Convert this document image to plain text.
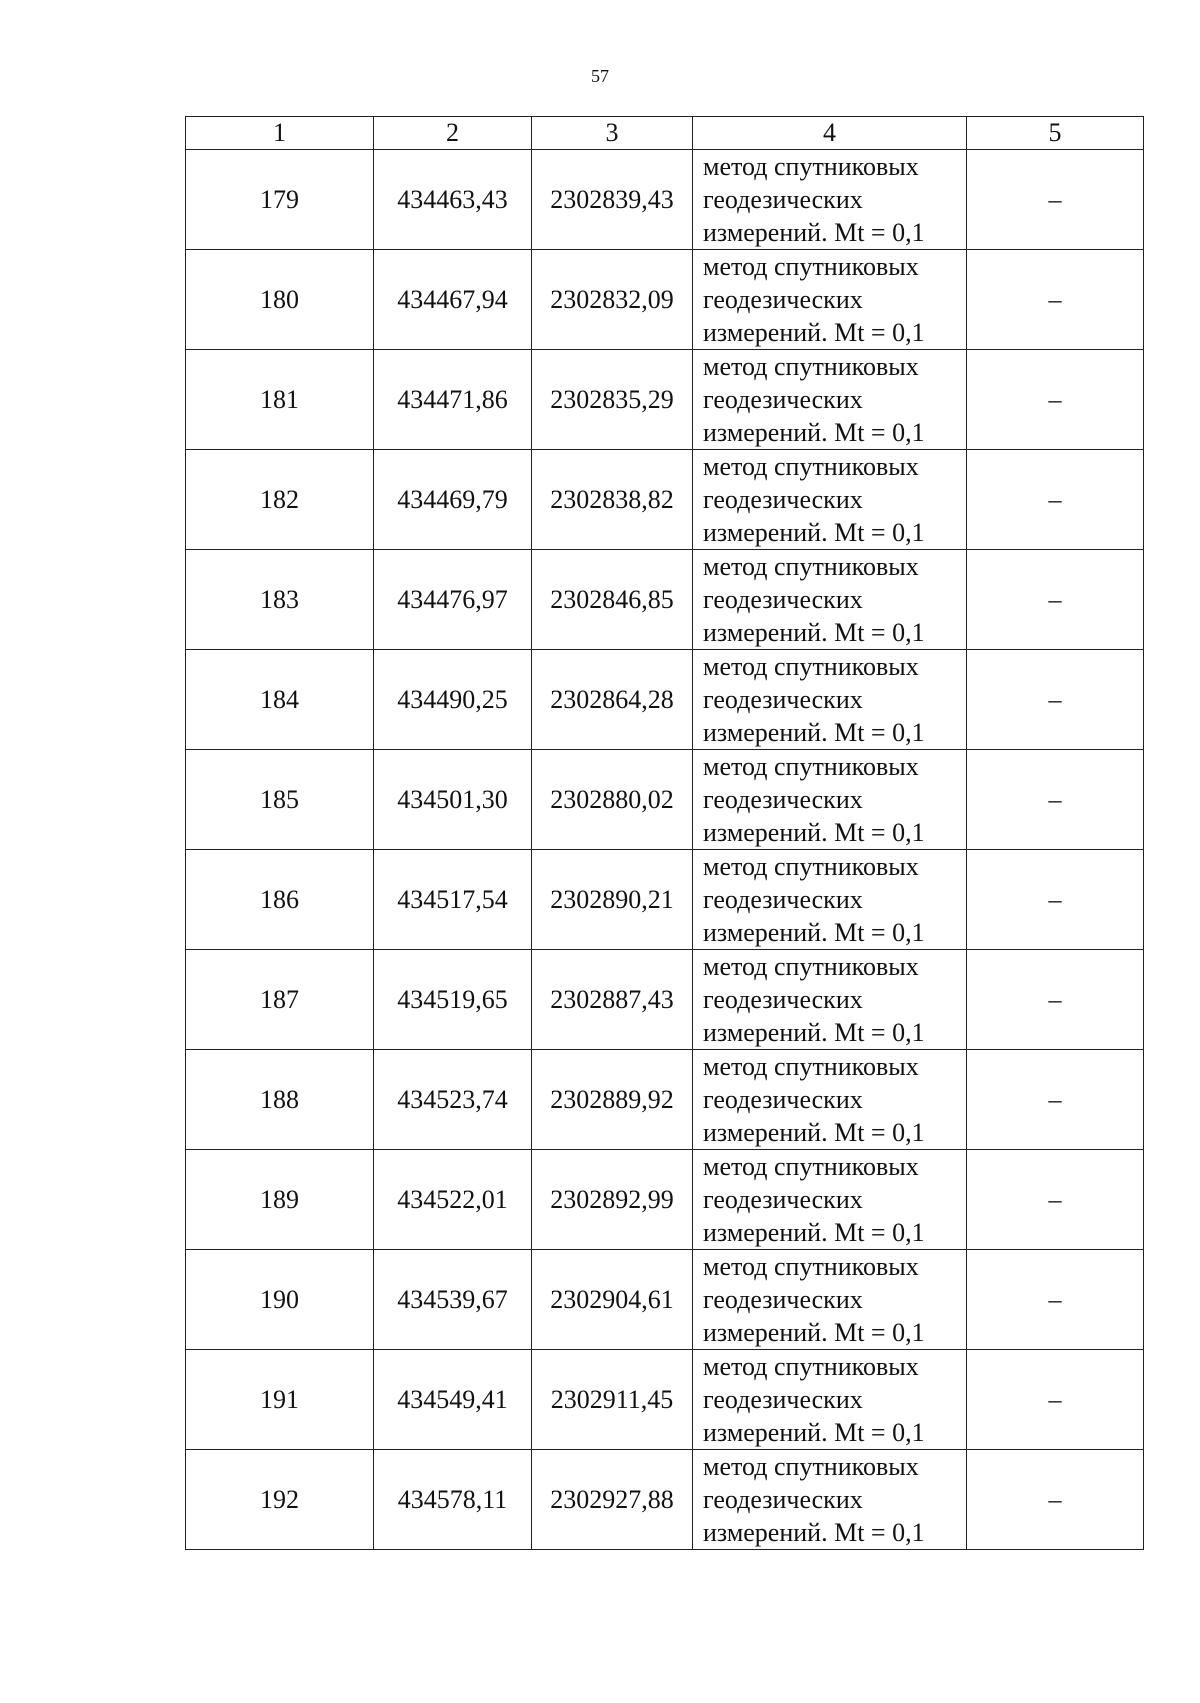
57
1	2	3	4	5
179	434463,43	2302839,43	метод спутниковых
геодезических
измерений. Mt = 0,1	–
180	434467,94	2302832,09	метод спутниковых
геодезических
измерений. Mt = 0,1	–
181	434471,86	2302835,29	метод спутниковых
геодезических
измерений. Mt = 0,1	–
182	434469,79	2302838,82	метод спутниковых
геодезических
измерений. Mt = 0,1	–
183	434476,97	2302846,85	метод спутниковых
геодезических
измерений. Mt = 0,1	–
184	434490,25	2302864,28	метод спутниковых
геодезических
измерений. Mt = 0,1	–
185	434501,30	2302880,02	метод спутниковых
геодезических
измерений. Mt = 0,1	–
186	434517,54	2302890,21	метод спутниковых
геодезических
измерений. Mt = 0,1	–
187	434519,65	2302887,43	метод спутниковых
геодезических
измерений. Mt = 0,1	–
188	434523,74	2302889,92	метод спутниковых
геодезических
измерений. Mt = 0,1	–
189	434522,01	2302892,99	метод спутниковых
геодезических
измерений. Mt = 0,1	–
190	434539,67	2302904,61	метод спутниковых
геодезических
измерений. Mt = 0,1	–
191	434549,41	2302911,45	метод спутниковых
геодезических
измерений. Mt = 0,1	–
192	434578,11	2302927,88	метод спутниковых
геодезических
измерений. Mt = 0,1	–
